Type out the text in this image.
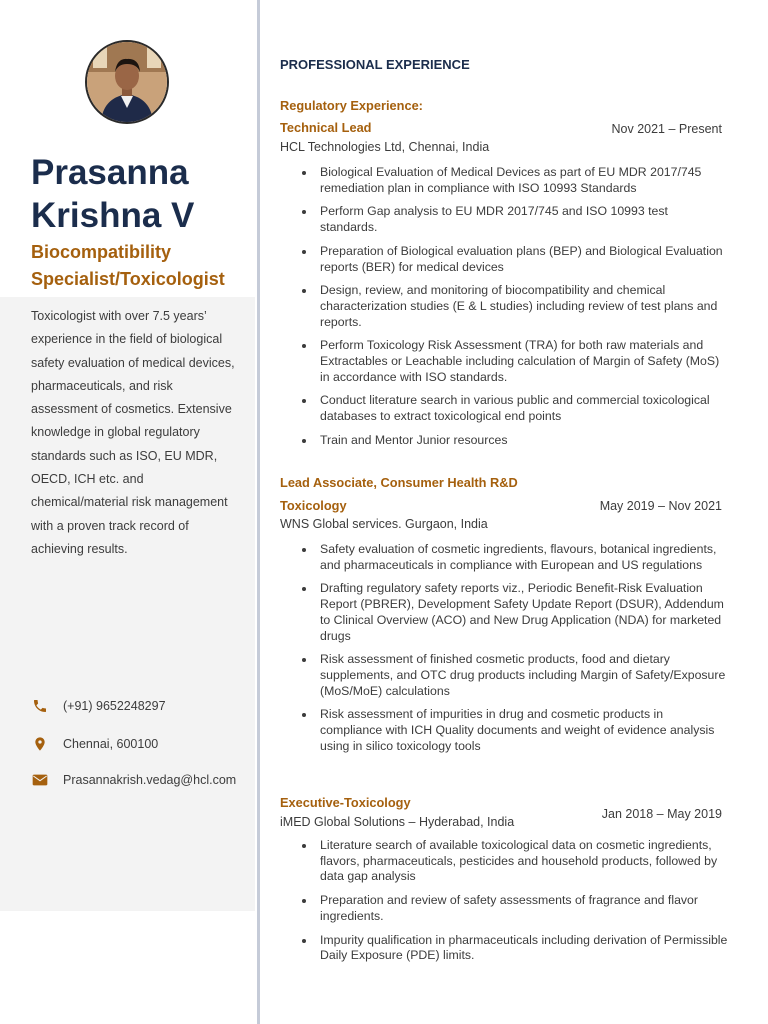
Prasanna
Krishna V
Biocompatibility
Specialist/Toxicologist
Toxicologist with over 7.5 years’ experience in the field of biological safety evaluation of medical devices, pharmaceuticals, and risk assessment of cosmetics. Extensive knowledge in global regulatory standards such as ISO, EU MDR, OECD, ICH etc. and chemical/material risk management with a proven track record of achieving results.
(+91) 9652248297
Chennai, 600100
Prasannakrish.vedag@hcl.com
PROFESSIONAL EXPERIENCE
Regulatory Experience:
Technical Lead	Nov 2021 – Present
HCL Technologies Ltd, Chennai, India
Biological Evaluation of Medical Devices as part of EU MDR 2017/745 remediation plan in compliance with ISO 10993 Standards
Perform Gap analysis to EU MDR 2017/745 and ISO 10993 test standards.
Preparation of Biological evaluation plans (BEP) and Biological Evaluation reports (BER) for medical devices
Design, review, and monitoring of biocompatibility and chemical characterization studies (E & L studies) including review of test plans and reports.
Perform Toxicology Risk Assessment (TRA) for both raw materials and Extractables or Leachable including calculation of Margin of Safety (MoS) in accordance with ISO standards.
Conduct literature search in various public and commercial toxicological databases to extract toxicological end points
Train and Mentor Junior resources
Lead Associate, Consumer Health R&D
Toxicology	May 2019 – Nov 2021
WNS Global services. Gurgaon, India
Safety evaluation of cosmetic ingredients, flavours, botanical ingredients, and pharmaceuticals in compliance with European and US regulations
Drafting regulatory safety reports viz., Periodic Benefit-Risk Evaluation Report (PBRER), Development Safety Update Report (DSUR), Addendum to Clinical Overview (ACO) and New Drug Application (NDA) for marketed drugs
Risk assessment of finished cosmetic products, food and dietary supplements, and OTC drug products including Margin of Safety/Exposure (MoS/MoE) calculations
Risk assessment of impurities in drug and cosmetic products in compliance with ICH Quality documents and weight of evidence analysis using in silico toxicology tools
Executive-Toxicology
Jan 2018 – May 2019
iMED Global Solutions – Hyderabad, India
Literature search of available toxicological data on cosmetic ingredients, flavors, pharmaceuticals, pesticides and household products, followed by data gap analysis
Preparation and review of safety assessments of fragrance and flavor ingredients.
Impurity qualification in pharmaceuticals including derivation of Permissible Daily Exposure (PDE) limits.
